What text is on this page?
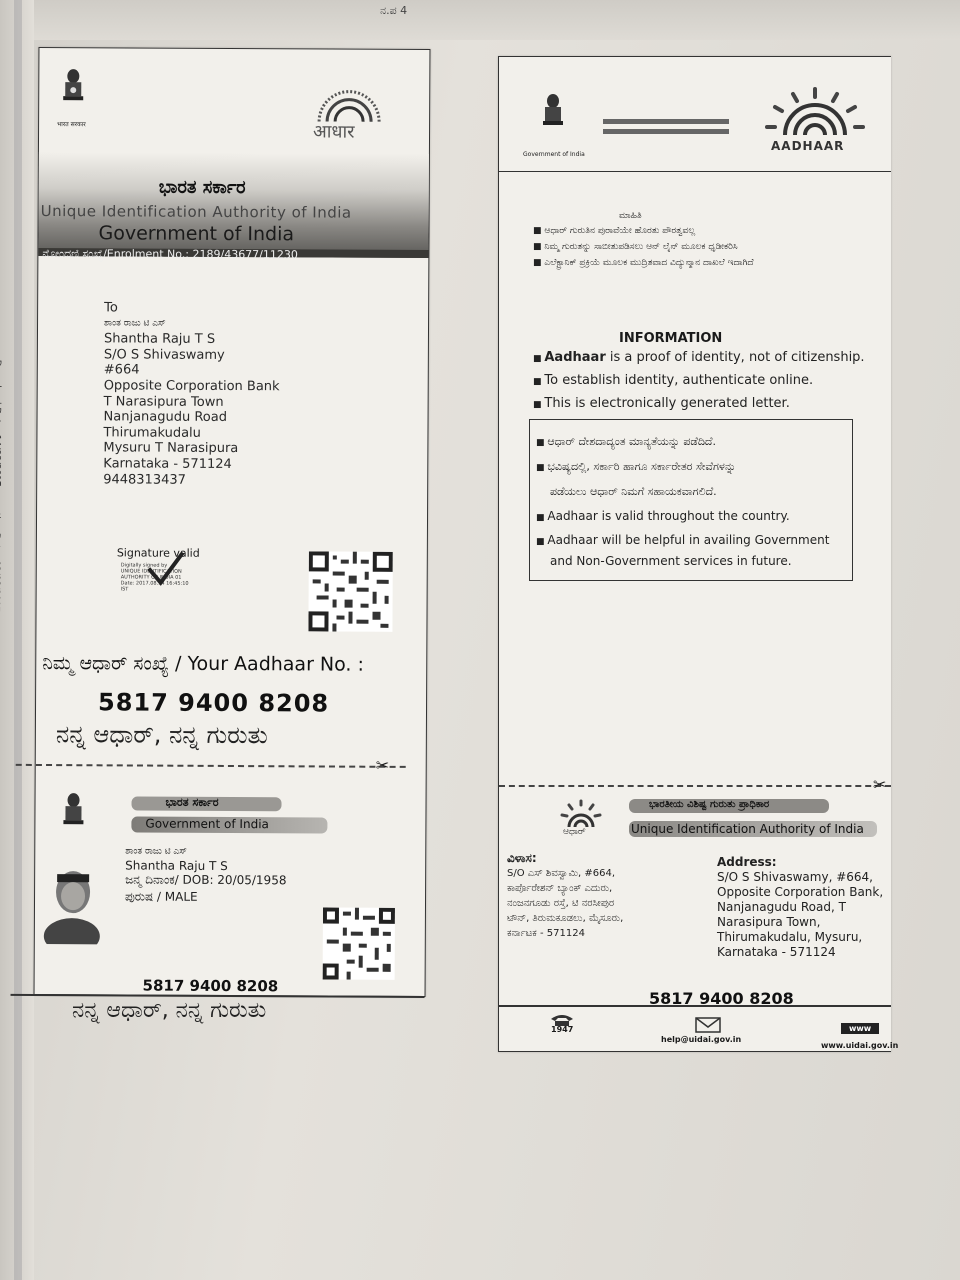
ನ.ಪ 4
भारत सरकार	आधार
ಭಾರತ ಸರ್ಕಾರ
Unique Identification Authority of India
Government of India
ನೋಂದಣಿ ಸಂಖ್ಯೆ/Enrolment No.: 2189/43677/11230
To
ಶಾಂತ ರಾಜು ಟಿ ಎಸ್
Shantha Raju T S
S/O S Shivaswamy
#664
Opposite Corporation Bank
T Narasipura Town
Nanjanagudu Road
Thirumakudalu
Mysuru T Narasipura
Karnataka - 571124
9448313437
Signature valid
Digitally signed by
UNIQUE IDENTIFICATION
AUTHORITY OF INDIA 01
Date: 2017.08.14 16:45:10
IST
ನಿಮ್ಮ ಆಧಾರ್ ಸಂಖ್ಯೆ / Your Aadhaar No. :
5817 9400 8208
ನನ್ನ ಆಧಾರ್, ನನ್ನ ಗುರುತು
✂
ಭಾರತ ಸರ್ಕಾರ
Government of India
ಶಾಂತ ರಾಜು ಟಿ ಎಸ್
Shantha Raju T S
ಜನ್ಮ ದಿನಾಂಕ/ DOB: 20/05/1958
ಪುರುಷ / MALE
5817 9400 8208
ನನ್ನ ಆಧಾರ್, ನನ್ನ ಗುರುತು
Government of India
AADHAAR
ಮಾಹಿತಿ
■ ಆಧಾರ್ ಗುರುತಿನ ಪುರಾವೆಯೇ ಹೊರತು ಪೌರತ್ವವಲ್ಲ
■ ನಿಮ್ಮ ಗುರುತನ್ನು ಸಾಬೀತುಪಡಿಸಲು ಆನ್ ಲೈನ್ ಮೂಲಕ ಧೃಡೀಕರಿಸಿ
■ ಎಲೆಕ್ಟ್ರಾನಿಕ್ ಪ್ರಕ್ರಿಯೆ ಮೂಲಕ ಮುದ್ರಿತವಾದ ವಿದ್ಯುನ್ಮಾನ ದಾಖಲೆ ಇದಾಗಿದೆ
INFORMATION
■ Aadhaar is a proof of identity, not of citizenship.
■ To establish identity, authenticate online.
■ This is electronically generated letter.
■ ಆಧಾರ್ ದೇಶದಾದ್ಯಂತ ಮಾನ್ಯತೆಯನ್ನು ಪಡೆದಿದೆ.
■ ಭವಿಷ್ಯದಲ್ಲಿ, ಸರ್ಕಾರಿ ಹಾಗೂ ಸರ್ಕಾರೇತರ ಸೇವೆಗಳನ್ನು
ಪಡೆಯಲು ಆಧಾರ್ ನಿಮಗೆ ಸಹಾಯಕವಾಗಲಿದೆ.
■ Aadhaar is valid throughout the country.
■ Aadhaar will be helpful in availing Government
and Non-Government services in future.
✂
ಆಧಾರ್
ಭಾರತೀಯ ವಿಶಿಷ್ಟ ಗುರುತು ಪ್ರಾಧಿಕಾರ
Unique Identification Authority of India
ವಿಳಾಸ:
S/O ಎಸ್ ಶಿವಸ್ವಾಮಿ, #664,
ಕಾರ್ಪೊರೇಶನ್ ಬ್ಯಾಂಕ್ ಎದುರು,
ನಂಜನಗೂಡು ರಸ್ತೆ, ಟಿ ನರಸೀಪುರ
ಟೌನ್, ತಿರುಮಕೂಡಲು, ಮೈಸೂರು,
ಕರ್ನಾಟಕ - 571124
Address:
S/O S Shivaswamy, #664,
Opposite Corporation Bank,
Nanjanagudu Road, T
Narasipura Town,
Thirumakudalu, Mysuru,
Karnataka - 571124
5817 9400 8208
1947
help@uidai.gov.in
www
www.uidai.gov.in
